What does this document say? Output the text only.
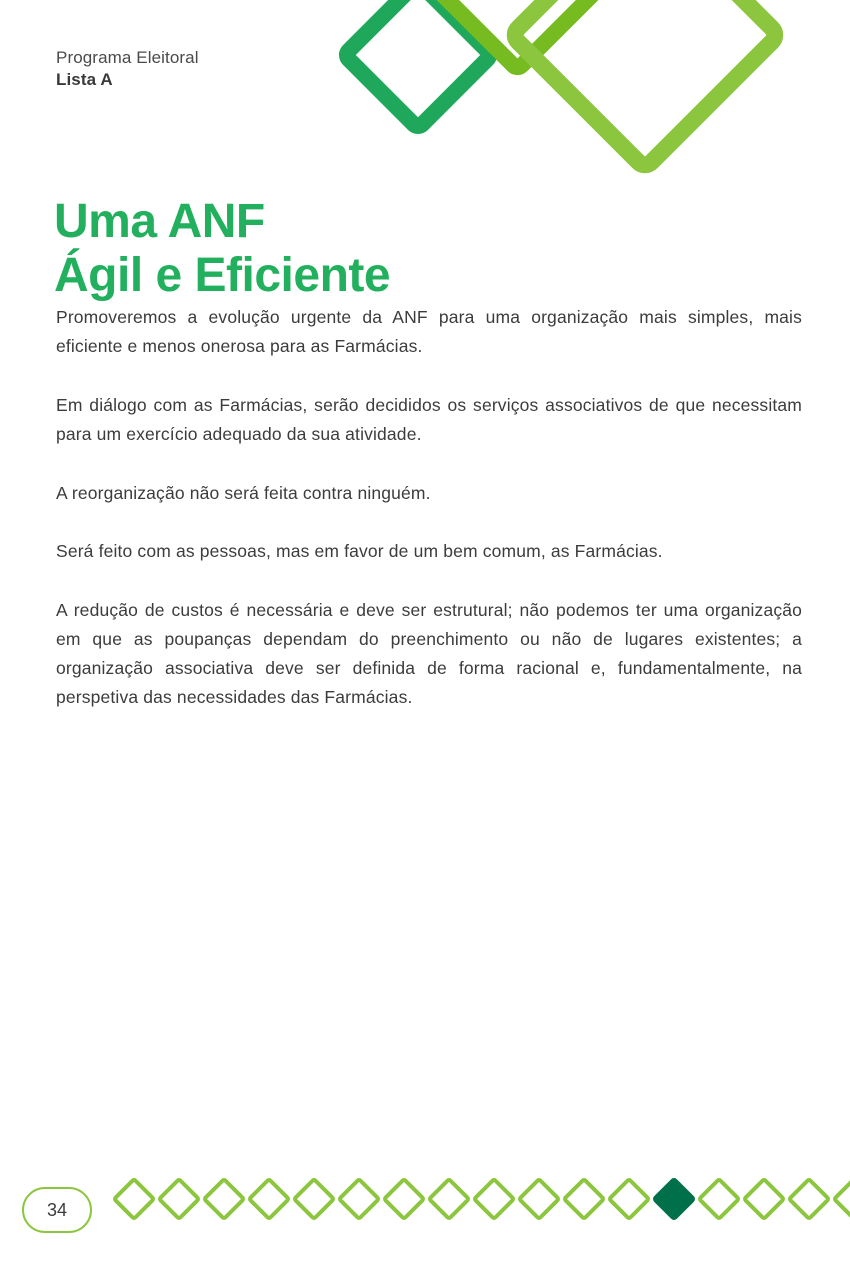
Programa Eleitoral
Lista A
Uma ANF
Ágil e Eficiente

Promoveremos a evolução urgente da ANF para uma organização mais simples, mais eficiente e menos onerosa para as Farmácias.

Em diálogo com as Farmácias, serão decididos os serviços associativos de que necessitam para um exercício adequado da sua atividade.

A reorganização não será feita contra ninguém.

Será feito com as pessoas, mas em favor de um bem comum, as Farmácias.

A redução de custos é necessária e deve ser estrutural; não podemos ter uma organização em que as poupanças dependam do preenchimento ou não de lugares existentes; a organização associativa deve ser definida de forma racional e, fundamentalmente, na perspetiva das necessidades das Farmácias.

34
